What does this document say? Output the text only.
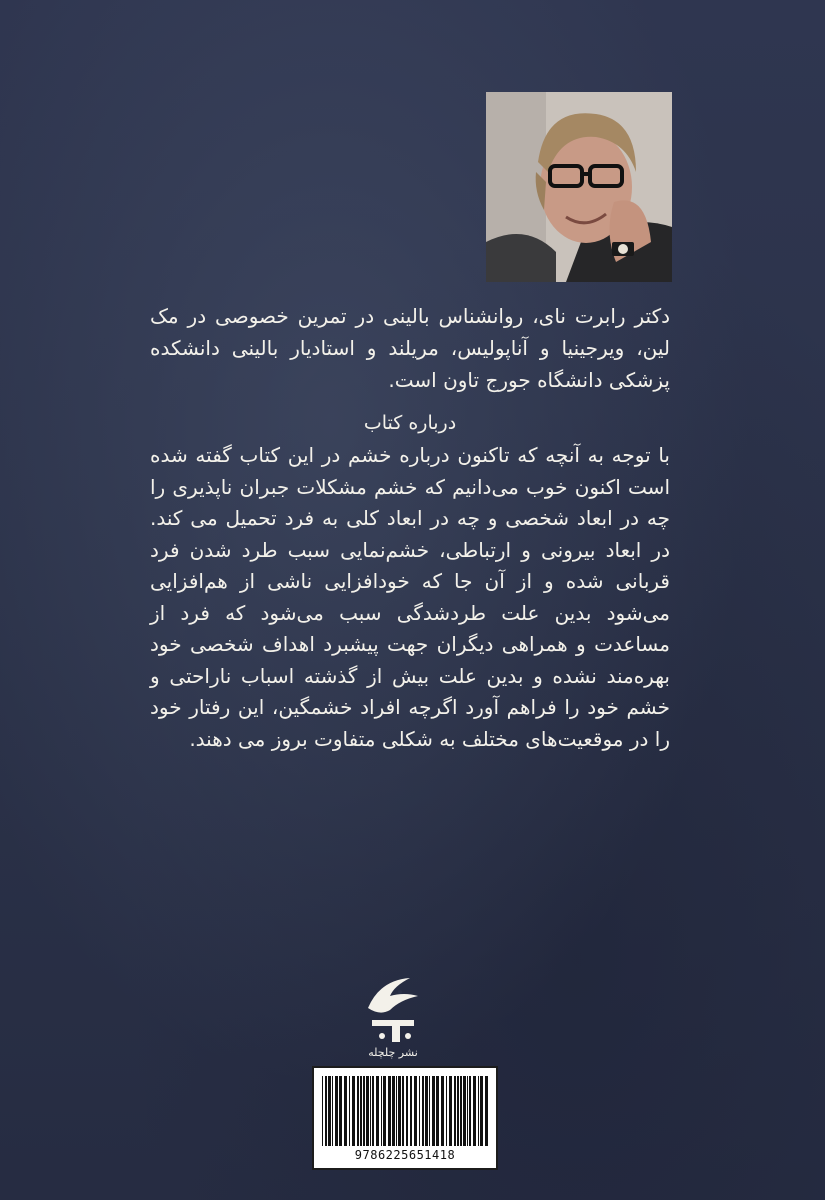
دکتر رابرت نای، روانشناس بالینی در تمرین خصوصی در مک لین، ویرجینیا و آناپولیس، مریلند و استادیار بالینی دانشکده پزشکی دانشگاه جورج تاون است.
درباره کتاب
با توجه به آنچه که تاکنون درباره خشم در این کتاب گفته شده است اکنون خوب می‌دانیم که خشم مشکلات جبران ناپذیری را چه در ابعاد شخصی و چه در ابعاد کلی به فرد تحمیل می کند. در ابعاد بیرونی و ارتباطی، خشم‌نمایی سبب طرد شدن فرد قربانی شده و از آن جا که خودافزایی ناشی از هم‌افزایی می‌شود بدین علت طردشدگی سبب می‌شود که فرد از مساعدت و همراهی دیگران جهت پیشبرد اهداف شخصی خود بهره‌مند نشده و بدین علت بیش از گذشته اسباب ناراحتی و خشم خود را فراهم آورد اگرچه افراد خشمگین، این رفتار خود را در موقعیت‌های مختلف به شکلی متفاوت بروز می دهند.
نشر چلچله
9786225651418
